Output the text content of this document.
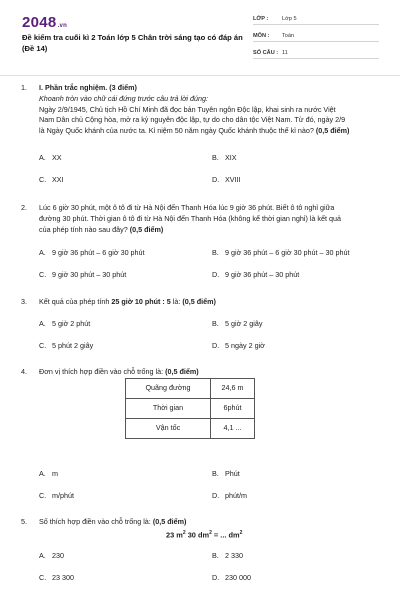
2048.vn
Đề kiểm tra cuối kì 2 Toán lớp 5 Chân trời sáng tạo có đáp án (Đề 14)
LỚP :	Lớp 5
MÔN :	Toán
SỐ CÂU : 11
1. I. Phần trắc nghiệm. (3 điểm)
Khoanh tròn vào chữ cái đứng trước câu trả lời đúng:
Ngày 2/9/1945, Chủ tịch Hồ Chí Minh đã đọc bản Tuyên ngôn Độc lập, khai sinh ra nước Việt
Nam Dân chủ Cộng hòa, mở ra kỷ nguyên độc lập, tự do cho dân tộc Việt Nam. Từ đó, ngày 2/9
là Ngày Quốc khánh của nước ta. Kỉ niệm 50 năm ngày Quốc khánh thuộc thế kỉ nào? (0,5 điểm)
A. XX	B. XIX
C. XXI	D. XVIII
2. Lúc 6 giờ 30 phút, một ô tô đi từ Hà Nội đến Thanh Hóa lúc 9 giờ 36 phút. Biết ô tô nghỉ giữa
đường 30 phút. Thời gian ô tô đi từ Hà Nội đến Thanh Hóa (không kể thời gian nghỉ) là kết quả
của phép tính nào sau đây? (0,5 điểm)
A. 9 giờ 36 phút – 6 giờ 30 phút	B. 9 giờ 36 phút – 6 giờ 30 phút – 30 phút
C. 9 giờ 30 phút – 30 phút	D. 9 giờ 36 phút – 30 phút
3. Kết quả của phép tính 25 giờ 10 phút : 5 là: (0,5 điểm)
A. 5 giờ 2 phút	B. 5 giờ 2 giây
C. 5 phút 2 giây	D. 5 ngày 2 giờ
4. Đơn vị thích hợp điền vào chỗ trống là: (0,5 điểm)
A. m	B. Phút
C. m/phút	D. phút/m
Quãng đường	24,6 m
Thời gian	6phút
Vận tốc	4,1 ...
5. Số thích hợp điền vào chỗ trống là: (0,5 điểm)
A. 230	B. 2 330
C. 23 300	D. 230 000
23 $m^2$ 30 $dm^2$ = ... $dm^2$
